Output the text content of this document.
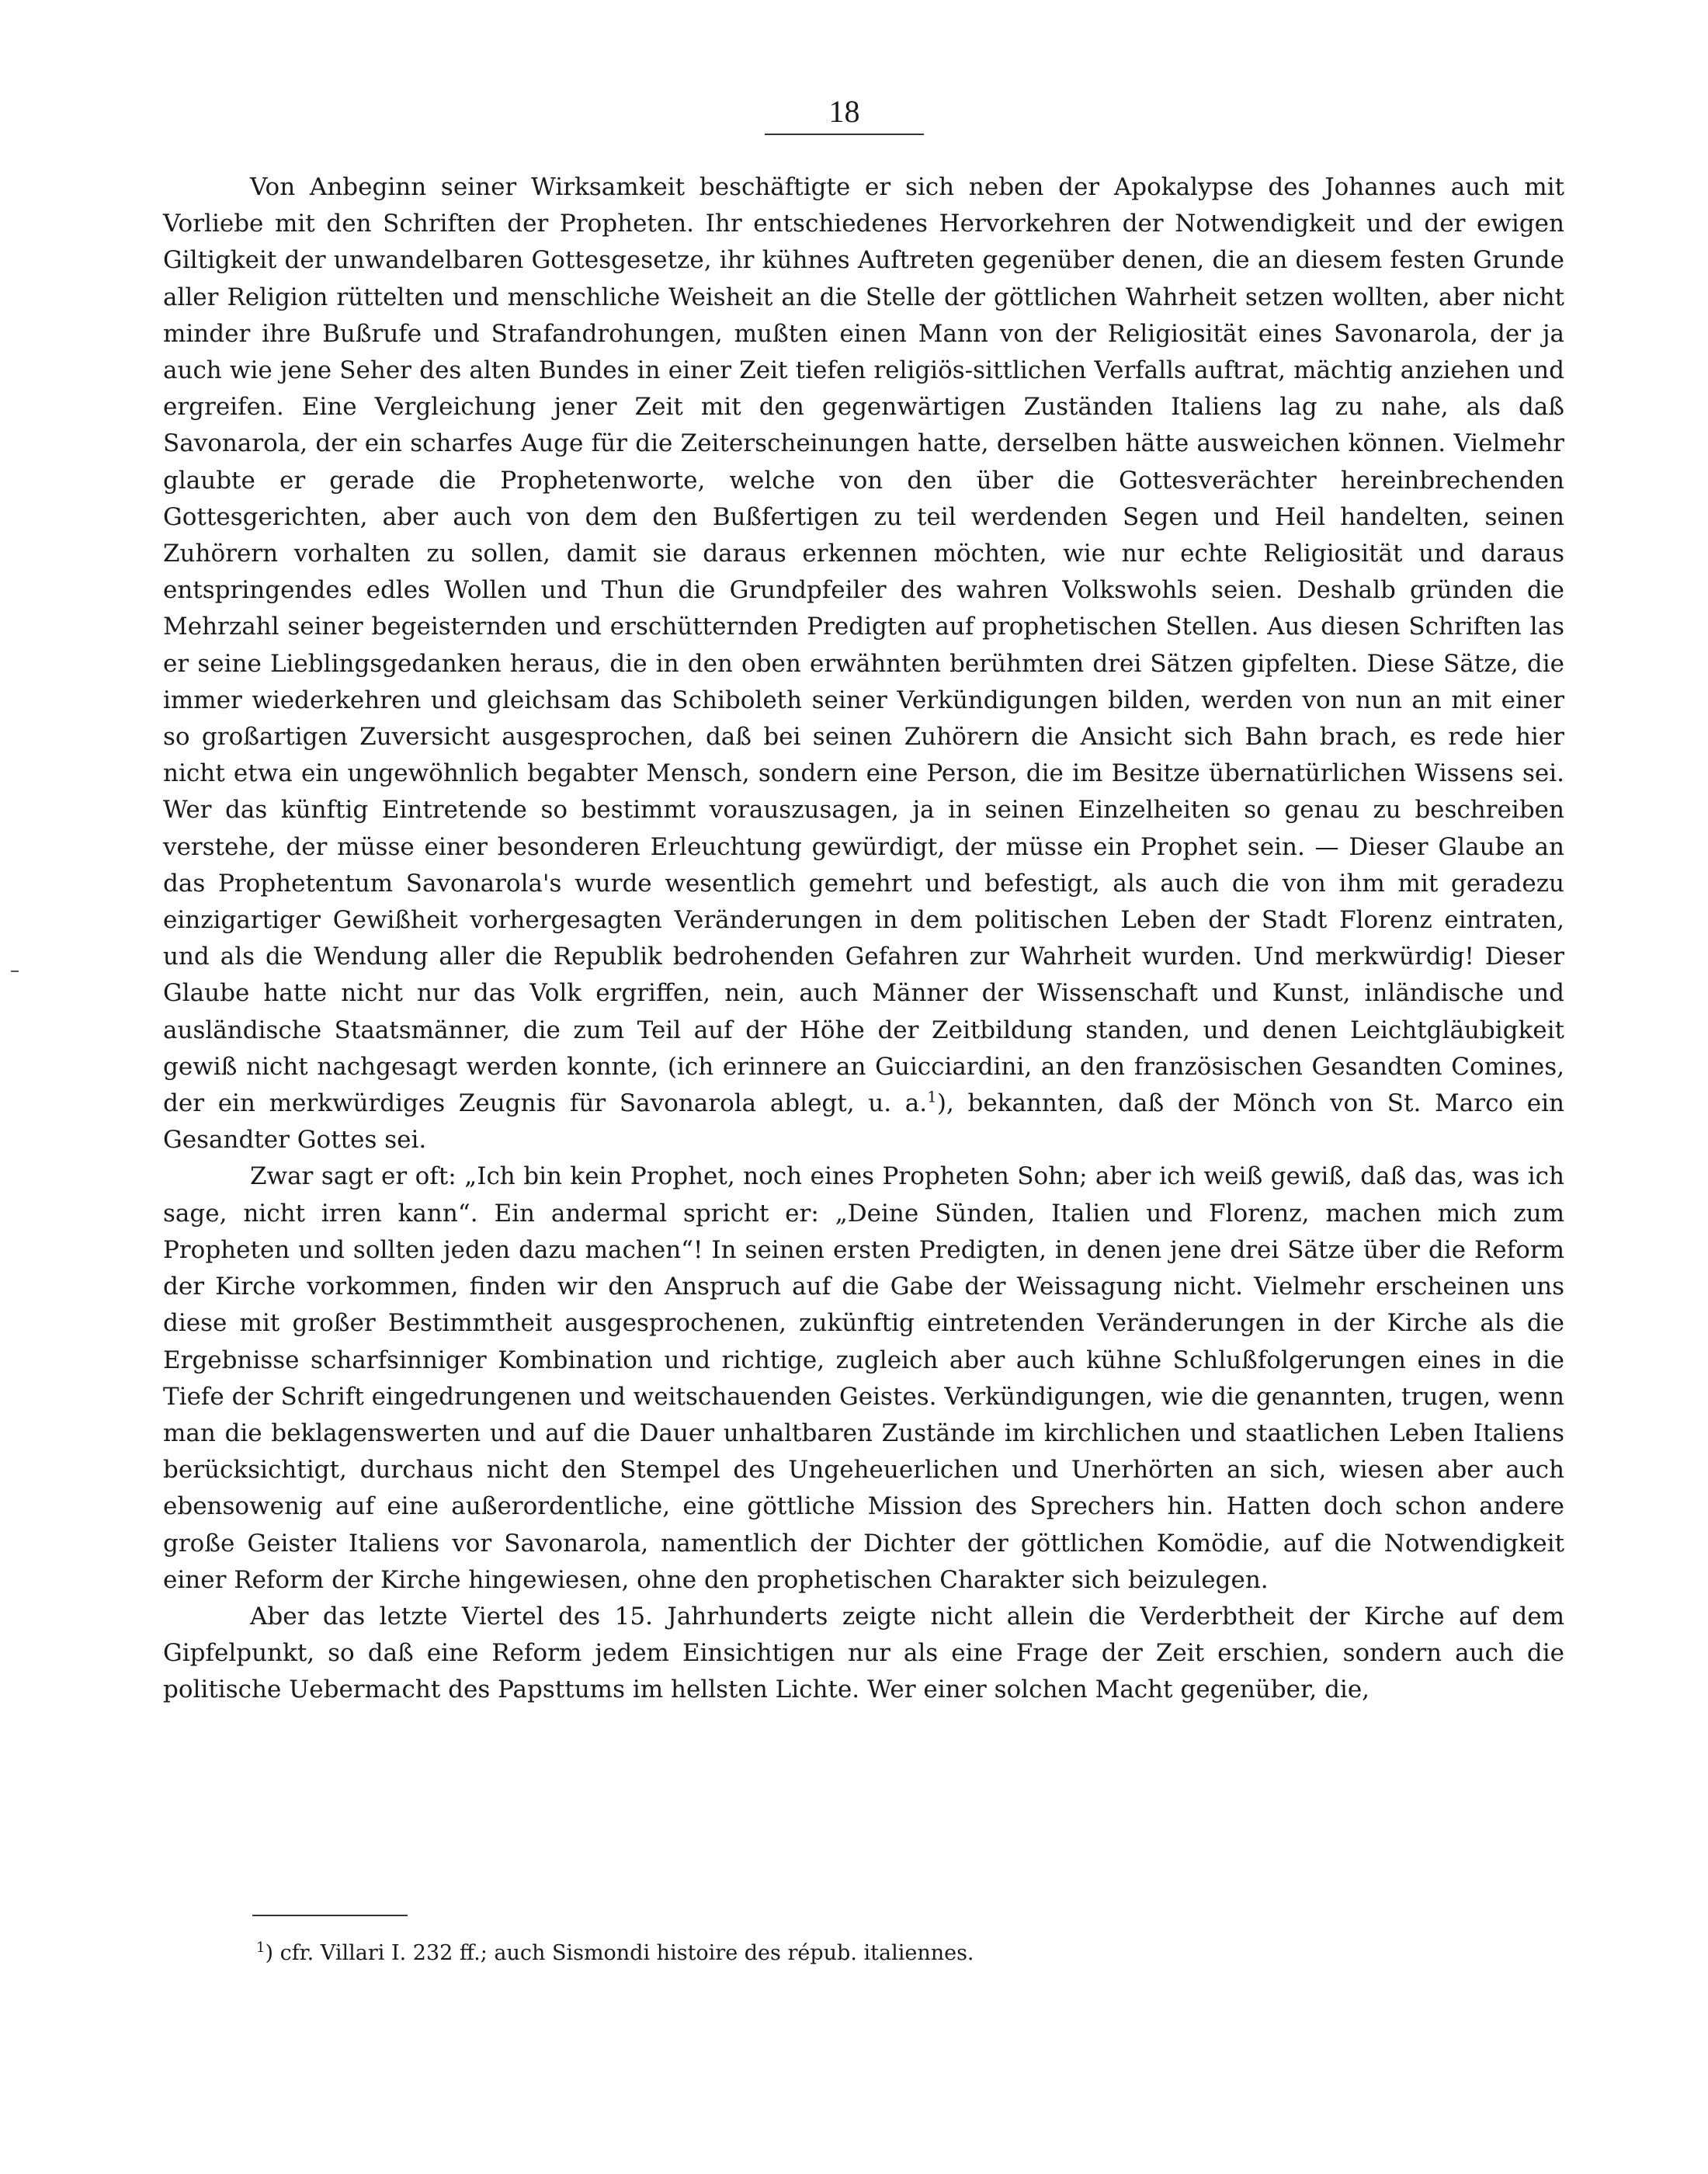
18

Von Anbeginn seiner Wirksamkeit beschäftigte er sich neben der Apokalypse des Johannes auch mit Vorliebe mit den Schriften der Propheten. Ihr entschiedenes Hervorkehren der Notwendigkeit und der ewigen Giltigkeit der unwandelbaren Gottesgesetze, ihr kühnes Auftreten gegenüber denen, die an diesem festen Grunde aller Religion rüttelten und menschliche Weisheit an die Stelle der göttlichen Wahrheit setzen wollten, aber nicht minder ihre Bußrufe und Strafandrohungen, mußten einen Mann von der Religiosität eines Savonarola, der ja auch wie jene Seher des alten Bundes in einer Zeit tiefen religiös-sittlichen Verfalls auftrat, mächtig anziehen und ergreifen. Eine Vergleichung jener Zeit mit den gegenwärtigen Zuständen Italiens lag zu nahe, als daß Savonarola, der ein scharfes Auge für die Zeiterscheinungen hatte, derselben hätte ausweichen können. Vielmehr glaubte er gerade die Prophetenworte, welche von den über die Gottesverächter hereinbrechenden Gottesgerichten, aber auch von dem den Bußfertigen zu teil werdenden Segen und Heil handelten, seinen Zuhörern vorhalten zu sollen, damit sie daraus erkennen möchten, wie nur echte Religiosität und daraus entspringendes edles Wollen und Thun die Grundpfeiler des wahren Volkswohls seien. Deshalb gründen die Mehrzahl seiner begeisternden und erschütternden Predigten auf prophetischen Stellen. Aus diesen Schriften las er seine Lieblingsgedanken heraus, die in den oben erwähnten berühmten drei Sätzen gipfelten. Diese Sätze, die immer wiederkehren und gleichsam das Schiboleth seiner Verkündigungen bilden, werden von nun an mit einer so großartigen Zuversicht ausgesprochen, daß bei seinen Zuhörern die Ansicht sich Bahn brach, es rede hier nicht etwa ein ungewöhnlich begabter Mensch, sondern eine Person, die im Besitze übernatürlichen Wissens sei. Wer das künftig Eintretende so bestimmt vorauszusagen, ja in seinen Einzelheiten so genau zu beschreiben verstehe, der müsse einer besonderen Erleuchtung gewürdigt, der müsse ein Prophet sein. — Dieser Glaube an das Prophetentum Savonarola's wurde wesentlich gemehrt und befestigt, als auch die von ihm mit geradezu einzigartiger Gewißheit vorhergesagten Veränderungen in dem politischen Leben der Stadt Florenz eintraten, und als die Wendung aller die Republik bedrohenden Gefahren zur Wahrheit wurden. Und merkwürdig! Dieser Glaube hatte nicht nur das Volk ergriffen, nein, auch Männer der Wissenschaft und Kunst, inländische und ausländische Staatsmänner, die zum Teil auf der Höhe der Zeitbildung standen, und denen Leichtgläubigkeit gewiß nicht nachgesagt werden konnte, (ich erinnere an Guicciardini, an den französischen Gesandten Comines, der ein merkwürdiges Zeugnis für Savonarola ablegt, u. a.$^1$), bekannten, daß der Mönch von St. Marco ein Gesandter Gottes sei.

Zwar sagt er oft: „Ich bin kein Prophet, noch eines Propheten Sohn; aber ich weiß gewiß, daß das, was ich sage, nicht irren kann“. Ein andermal spricht er: „Deine Sünden, Italien und Florenz, machen mich zum Propheten und sollten jeden dazu machen“! In seinen ersten Predigten, in denen jene drei Sätze über die Reform der Kirche vorkommen, finden wir den Anspruch auf die Gabe der Weissagung nicht. Vielmehr erscheinen uns diese mit großer Bestimmtheit ausgesprochenen, zukünftig eintretenden Veränderungen in der Kirche als die Ergebnisse scharfsinniger Kombination und richtige, zugleich aber auch kühne Schlußfolgerungen eines in die Tiefe der Schrift eingedrungenen und weitschauenden Geistes. Verkündigungen, wie die genannten, trugen, wenn man die beklagenswerten und auf die Dauer unhaltbaren Zustände im kirchlichen und staatlichen Leben Italiens berücksichtigt, durchaus nicht den Stempel des Ungeheuerlichen und Unerhörten an sich, wiesen aber auch ebensowenig auf eine außerordentliche, eine göttliche Mission des Sprechers hin. Hatten doch schon andere große Geister Italiens vor Savonarola, namentlich der Dichter der göttlichen Komödie, auf die Notwendigkeit einer Reform der Kirche hingewiesen, ohne den prophetischen Charakter sich beizulegen.

Aber das letzte Viertel des 15. Jahrhunderts zeigte nicht allein die Verderbtheit der Kirche auf dem Gipfelpunkt, so daß eine Reform jedem Einsichtigen nur als eine Frage der Zeit erschien, sondern auch die politische Uebermacht des Papsttums im hellsten Lichte. Wer einer solchen Macht gegenüber, die,

$^1$) cfr. Villari I. 232 ff.; auch Sismondi histoire des répub. italiennes.
